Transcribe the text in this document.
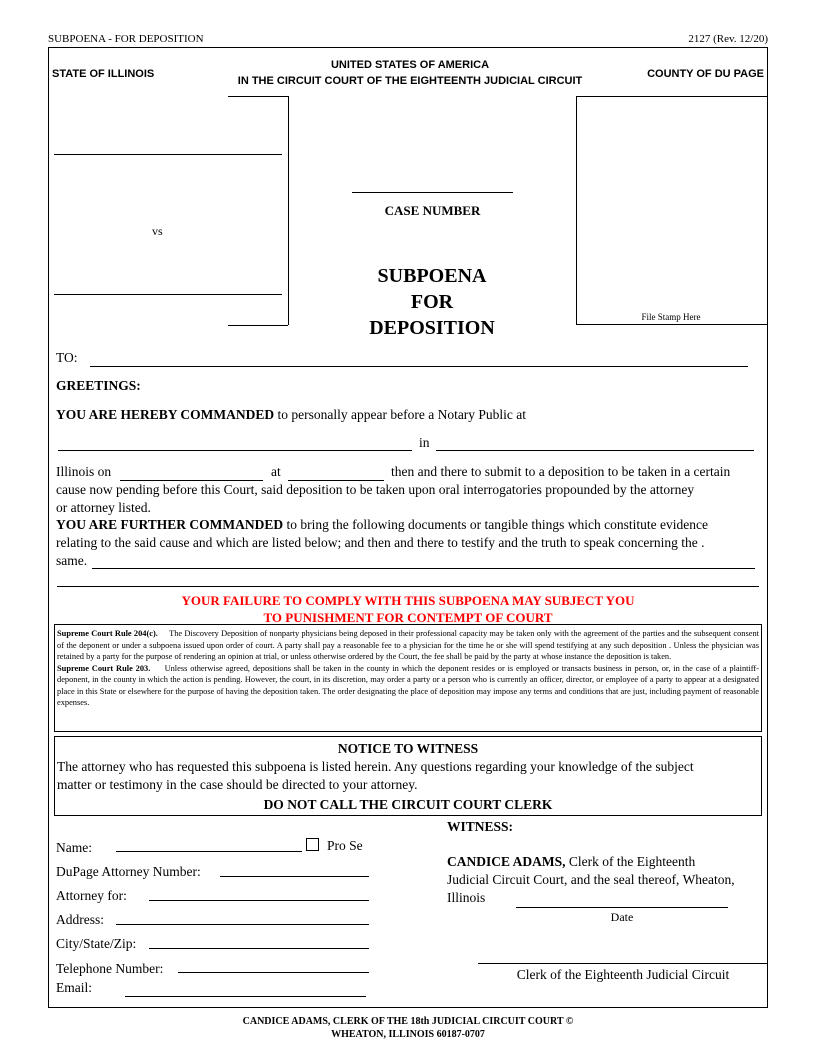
SUBPOENA - FOR DEPOSITION	2127 (Rev. 12/20)
STATE OF ILLINOIS
UNITED STATES OF AMERICA
IN THE CIRCUIT COURT OF THE EIGHTEENTH JUDICIAL CIRCUIT
COUNTY OF DU PAGE
vs
CASE NUMBER
SUBPOENA
FOR
DEPOSITION	File Stamp Here
TO:
GREETINGS:
YOU ARE HEREBY COMMANDED to personally appear before a Notary Public at
in
Illinois on	at	then and there to submit to a deposition to be taken in a certain
cause now pending before this Court, said deposition to be taken upon oral interrogatories propounded by the attorney
or attorney listed.
YOU ARE FURTHER COMMANDED to bring the following documents or tangible things which constitute evidence
relating to the said cause and which are listed below; and then and there to testify and the truth to speak concerning the .
same.
YOUR FAILURE TO COMPLY WITH THIS SUBPOENA MAY SUBJECT YOU
TO PUNISHMENT FOR CONTEMPT OF COURT
Supreme Court Rule 204(c). The Discovery Deposition of nonparty physicians being deposed in their professional capacity may be taken only with the agreement of the parties and the subsequent consent of the deponent or under a subpoena issued upon order of court. A party shall pay a reasonable fee to a physician for the time he or she will spend testifying at any such deposition . Unless the physician was retained by a party for the purpose of rendering an opinion at trial, or unless otherwise ordered by the Court, the fee shall be paid by the party at whose instance the deposition is taken.
Supreme Court Rule 203. Unless otherwise agreed, depositions shall be taken in the county in which the deponent resides or is employed or transacts business in person, or, in the case of a plaintiff-deponent, in the county in which the action is pending. However, the court, in its discretion, may order a party or a person who is currently an officer, director, or employee of a party to appear at a designated place in this State or elsewhere for the purpose of having the deposition taken. The order designating the place of deposition may impose any terms and conditions that are just, including payment of reasonable expenses.
NOTICE TO WITNESS
The attorney who has requested this subpoena is listed herein. Any questions regarding your knowledge of the subject
matter or testimony in the case should be directed to your attorney.
DO NOT CALL THE CIRCUIT COURT CLERK
Name:	Pro Se
DuPage Attorney Number:
Attorney for:
Address:
City/State/Zip:
Telephone Number:
Email:
WITNESS:
CANDICE ADAMS, Clerk of the Eighteenth
Judicial Circuit Court, and the seal thereof, Wheaton,
Illinois
Date
Clerk of the Eighteenth Judicial Circuit
CANDICE ADAMS, CLERK OF THE 18th JUDICIAL CIRCUIT COURT ©
WHEATON, ILLINOIS 60187-0707
